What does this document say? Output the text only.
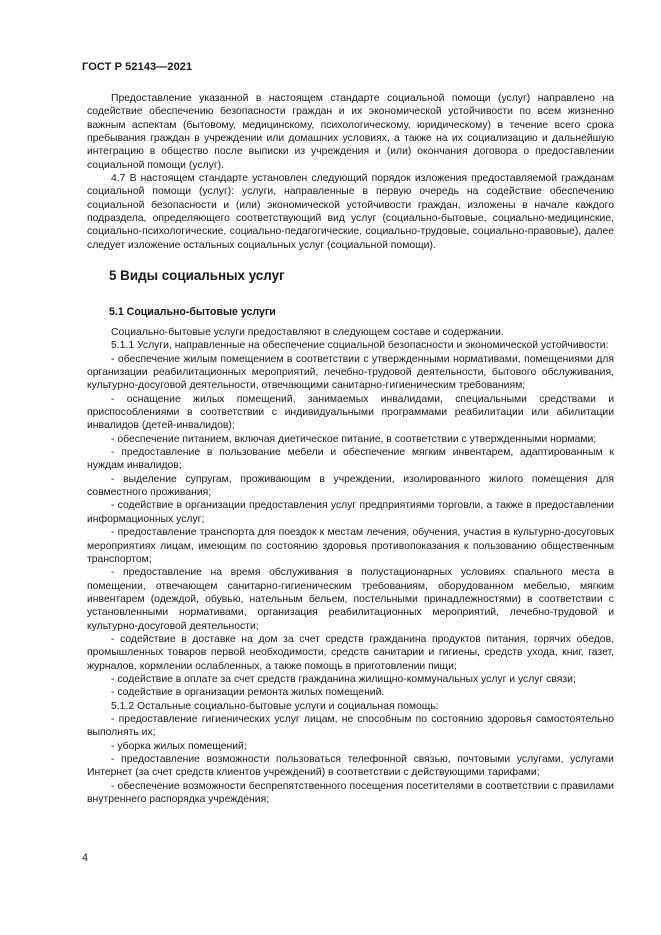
ГОСТ Р 52143—2021

Предоставление указанной в настоящем стандарте социальной помощи (услуг) направлено на содействие обеспечению безопасности граждан и их экономической устойчивости по всем жизненно важным аспектам (бытовому, медицинскому, психологическому, юридическому) в течение всего срока пребывания граждан в учреждении или домашних условиях, а также на их социализацию и дальнейшую интеграцию в общество после выписки из учреждения и (или) окончания договора о предоставлении социальной помощи (услуг).

4.7 В настоящем стандарте установлен следующий порядок изложения предоставляемой гражданам социальной помощи (услуг): услуги, направленные в первую очередь на содействие обеспечению социальной безопасности и (или) экономической устойчивости граждан, изложены в начале каждого подраздела, определяющего соответствующий вид услуг (социально-бытовые, социально-медицинские, социально-психологические, социально-педагогические, социально-трудовые, социально-правовые), далее следует изложение остальных социальных услуг (социальной помощи).

5 Виды социальных услуг
5.1 Социально-бытовые услуги

Социально-бытовые услуги предоставляют в следующем составе и содержании.

5.1.1 Услуги, направленные на обеспечение социальной безопасности и экономической устойчивости:

- обеспечение жилым помещением в соответствии с утвержденными нормативами, помещениями для организации реабилитационных мероприятий, лечебно-трудовой деятельности, бытового обслуживания, культурно-досуговой деятельности, отвечающими санитарно-гигиеническим требованиям;

- оснащение жилых помещений, занимаемых инвалидами, специальными средствами и приспособлениями в соответствии с индивидуальными программами реабилитации или абилитации инвалидов (детей-инвалидов);

- обеспечение питанием, включая диетическое питание, в соответствии с утвержденными нормами;

- предоставление в пользование мебели и обеспечение мягким инвентарем, адаптированным к нуждам инвалидов;

- выделение супругам, проживающим в учреждении, изолированного жилого помещения для совместного проживания;

- содействие в организации предоставления услуг предприятиями торговли, а также в предоставлении информационных услуг;

- предоставление транспорта для поездок к местам лечения, обучения, участия в культурно-досуговых мероприятиях лицам, имеющим по состоянию здоровья противопоказания к пользованию общественным транспортом;

- предоставление на время обслуживания в полустационарных условиях спального места в помещении, отвечающем санитарно-гигиеническим требованиям, оборудованном мебелью, мягким инвентарем (одеждой, обувью, нательным бельем, постельными принадлежностями) в соответствии с установленными нормативами, организация реабилитационных мероприятий, лечебно-трудовой и культурно-досуговой деятельности;

- содействие в доставке на дом за счет средств гражданина продуктов питания, горячих обедов, промышленных товаров первой необходимости, средств санитарии и гигиены, средств ухода, книг, газет, журналов, кормлении ослабленных, а также помощь в приготовлении пищи;

- содействие в оплате за счет средств гражданина жилищно-коммунальных услуг и услуг связи;

- содействие в организации ремонта жилых помещений.

5.1.2 Остальные социально-бытовые услуги и социальная помощь:

- предоставление гигиенических услуг лицам, не способным по состоянию здоровья самостоятельно выполнять их;

- уборка жилых помещений;

- предоставление возможности пользоваться телефонной связью, почтовыми услугами, услугами Интернет (за счет средств клиентов учреждений) в соответствии с действующими тарифами;

- обеспечение возможности беспрепятственного посещения посетителями в соответствии с правилами внутреннего распорядка учреждения;

4
